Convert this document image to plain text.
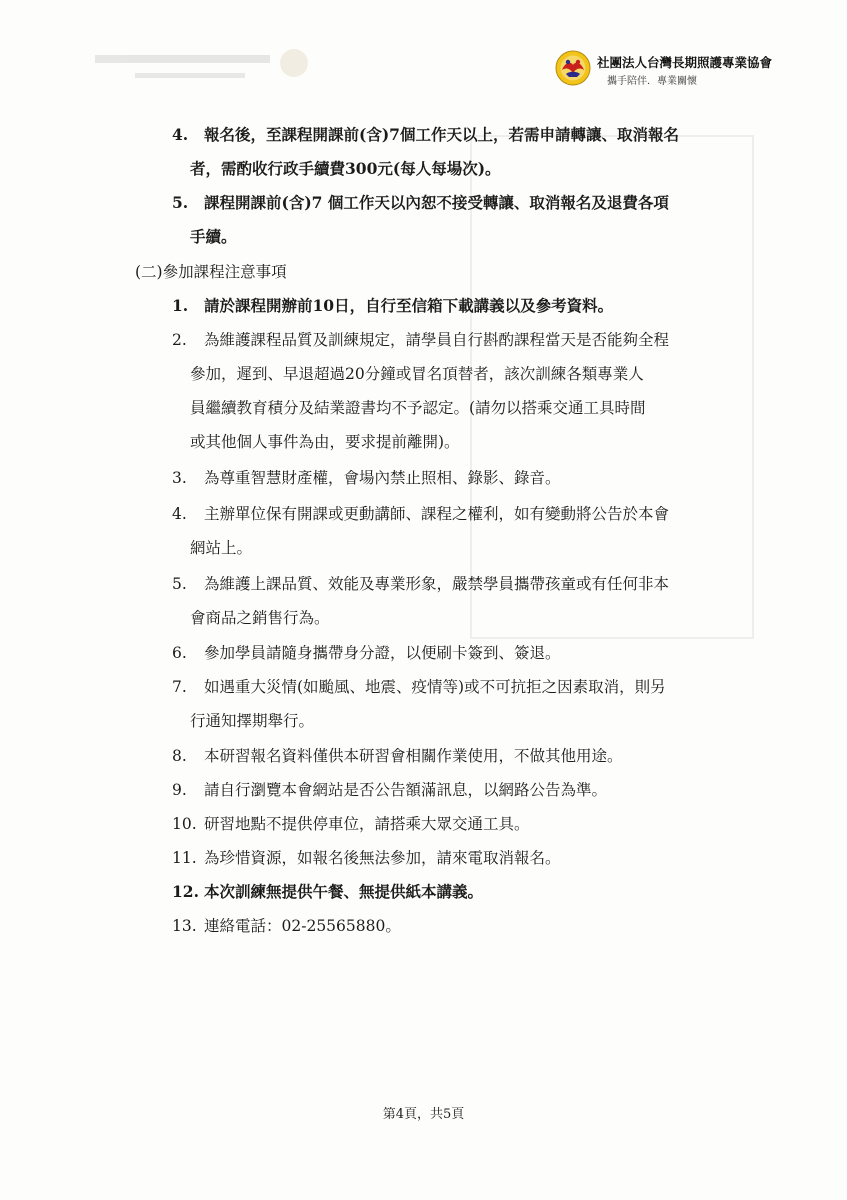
社團法人台灣長期照護專業協會
攜手陪伴．專業關懷
4. 報名後，至課程開課前(含)7個工作天以上，若需申請轉讓、取消報名
者，需酌收行政手續費300元(每人每場次)。
5. 課程開課前(含)7 個工作天以內恕不接受轉讓、取消報名及退費各項
手續。
(二)參加課程注意事項
1. 請於課程開辦前10日，自行至信箱下載講義以及參考資料。
2. 為維護課程品質及訓練規定，請學員自行斟酌課程當天是否能夠全程
參加，遲到、早退超過20分鐘或冒名頂替者，該次訓練各類專業人
員繼續教育積分及結業證書均不予認定。(請勿以搭乘交通工具時間
或其他個人事件為由，要求提前離開)。
3. 為尊重智慧財產權，會場內禁止照相、錄影、錄音。
4. 主辦單位保有開課或更動講師、課程之權利，如有變動將公告於本會
網站上。
5. 為維護上課品質、效能及專業形象，嚴禁學員攜帶孩童或有任何非本
會商品之銷售行為。
6. 參加學員請隨身攜帶身分證，以便刷卡簽到、簽退。
7. 如遇重大災情(如颱風、地震、疫情等)或不可抗拒之因素取消，則另
行通知擇期舉行。
8. 本研習報名資料僅供本研習會相關作業使用，不做其他用途。
9. 請自行瀏覽本會網站是否公告額滿訊息，以網路公告為準。
10. 研習地點不提供停車位，請搭乘大眾交通工具。
11. 為珍惜資源，如報名後無法參加，請來電取消報名。
12. 本次訓練無提供午餐、無提供紙本講義。
13. 連絡電話：02-25565880。
第4頁，共5頁
